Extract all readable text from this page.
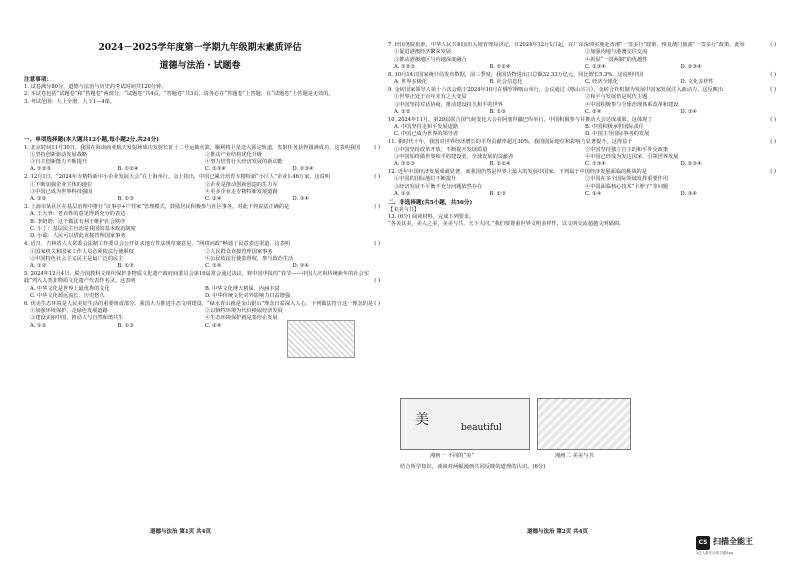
2024－2025学年度第一学期九年级期末素质评估
道德与法治・试题卷

注意事项：

1. 试卷满分80分，道德与法治与历史的考试时间共120分钟。

2. 本试卷包括“试题卷”和“答题卷”两部分，“试题卷”共4页，“答题卷”共3页。请务必在“答题卷”上答题，在“试题卷”上答题是无效的。

3. 考试范围：九上全册、九下1—4课。

一、单项选择题(本大题共12小题,每小题2分,共24分)

1. 北京时间11月30日，我国在海南商业航天发射场成功发射长征十二号运载火箭，顺利将卫星送入预定轨道，发射任务获得圆满成功。这表明我国	( )

①坚持创新驱动发展战略	②推动产业结构优化升级

③自主创新能力不断提升	④努力培育壮大经济发展的新动能

A. ①②③	B. ①②④	C. ①③④	D. ②③④

2. 12月1日，“2024年专精特新中小企业发展大会”在上海举行。会上指出，中国已累计培育专精特新“小巨人”企业1.46万家。这说明	( )

①不断加强企业主体的地位	②企业是推动创新创造的生力军

③中国已成为世界科技强国	④更多企业走专精特新发展道路

A. ①②	B. ①③	C. ②④	D. ③④

3. 上海市某社区在基层治理中推行“议事亭+户管家”管理模式，鼓励居民积极参与社区事务。对此下列说法正确的是	( )

A. 王大爷：老百姓的意见得到充分的表达

B. 李奶奶：这个做法有利于维护社会秩序

C. 小丁：基层民主自治是我国的基本政治制度

D. 小聪：人民可以借此直接管理国家事务

4. 近日，吉林省人大常委会法制工作委员会公开征求地方性法规草案意见，“网络问政”畅通了民意表达渠道。这表明	( )

①国家机关和国家工作人员必须依法行使职权	②人民群众直接管理国家事务

③中国特色社会主义民主是最广泛的民主	④公民依法行使监督权，参与政治生活

A. ①②	B. ①③	C. ②④	D. ③④

5. 2024年12月4日，联合国教科文组织保护非物质文化遗产政府间委员会第19届常会通过决议，将中国申报的“春节——中国人庆祝传统新年的社会实践”列入人类非物质文化遗产代表作名录。这表明	( )

A. 中华文化是世界上最优秀的文化	B. 中华文化博大精深、内涵丰富

C. 中华文化源远流长、历史悠久	D. 中华传统文化对外影响力日益增强

6. 优美生态环境是人民美好生活的重要组成部分。我国大力推进生态文明建设，“绿水青山就是金山银山”理念日益深入人心。下列做法符合这一理念的是 ( )

①加强环境保护，走绿色发展道路	②以牺牲环境为代价换取经济发展

③建设美丽中国，推动人与自然和谐共生	④生态环境保护就是要停止发展

A. ①②	B. ①③	C. ②④

7. 经国务院批准，中华人民共和国出入境管理局决定，自2024年12月1日起，在广东深圳实施赴香港“一签多行”政策，恢复澳门旅游“一签多行”政策。此举	( )

①促进港澳经济繁荣发展	②加强内地与港澳交往交流

③推动港澳地区与内地深度融合	④彰显“一国两制”的优越性

A. ①②③	B. ①②④	C. ①③④	D. ②③④

8. 10月14日国家统计局发布数据，前三季度，我国货物进出口总额32.33万亿元，同比增长5.3%。这说明中国	( )

A. 世界多极化	B. 社会信息化	C. 经济全球化	D. 文化多样性

9. 金砖国家领导人第十六次会晤于2024年10月在俄罗斯喀山举行，会议通过《喀山宣言》，金砖合作机制为发展中国家发展注入新动力。这反映出	( )

①世界正处于百年未有之大变局	②和平与发展仍是时代主题

③中国坚持对话协商，推动建设持久和平的世界	④中国积极参与全球治理体系改革和建设

A. ①②	B. ①③	C. ②④	D. ③④

10. 2024年11月，第29届联合国气候变化大会在阿塞拜疆巴库举行，中国积极参与并推动大会达成成果。这体现了	( )

A. 中国坚持走和平发展道路	B. 中国积极承担国际责任

C. 中国已成为世界的领导者	D. 中国主导国际事务的发展

11. 新时代十年，我国对世界经济增长的平均贡献率超过30%，我国国际地位和影响力显著提升。这得益于	( )

①中国坚持改革开放，不断提升发展质量	②中国坚持独立自主的和平外交政策

③中国始终做世界和平的建设者、全球发展的贡献者	④中国已经成为发达国家，引领世界发展

A. ①②③	B. ①②④	C. ①③④	D. ②③④

12. 近年中国经济发展成就显著，而我国仍然是世界上最大的发展中国家。下列属于中国经济发展面临的挑战的是	( )

①中国的国际地位不断提升	②中国在多个国际领域发挥重要作用

③经济发展不平衡不充分问题依然存在	④中国面临核心技术“卡脖子”等问题

A. ①②	B. ①③	C. ②④	D. ③④

二、非选择题(共5小题，共56分)

【美美与共】

13. (6分) 阅读材料，完成下列要求。

“各美其美，美人之美，美美与共，天下大同。”我们要尊重世界文明多样性，以文明交流超越文明隔阂。

美	beautiful
漫画一 不同的“美”	漫画二 美美与共
结合所学知识，谈谈对两幅漫画共同反映的道理的认识。(6分)
道德与法治 第1页 共4页	道德与法治 第2页 共4页
CS 扫描全能王
3亿人都在用的扫描App
